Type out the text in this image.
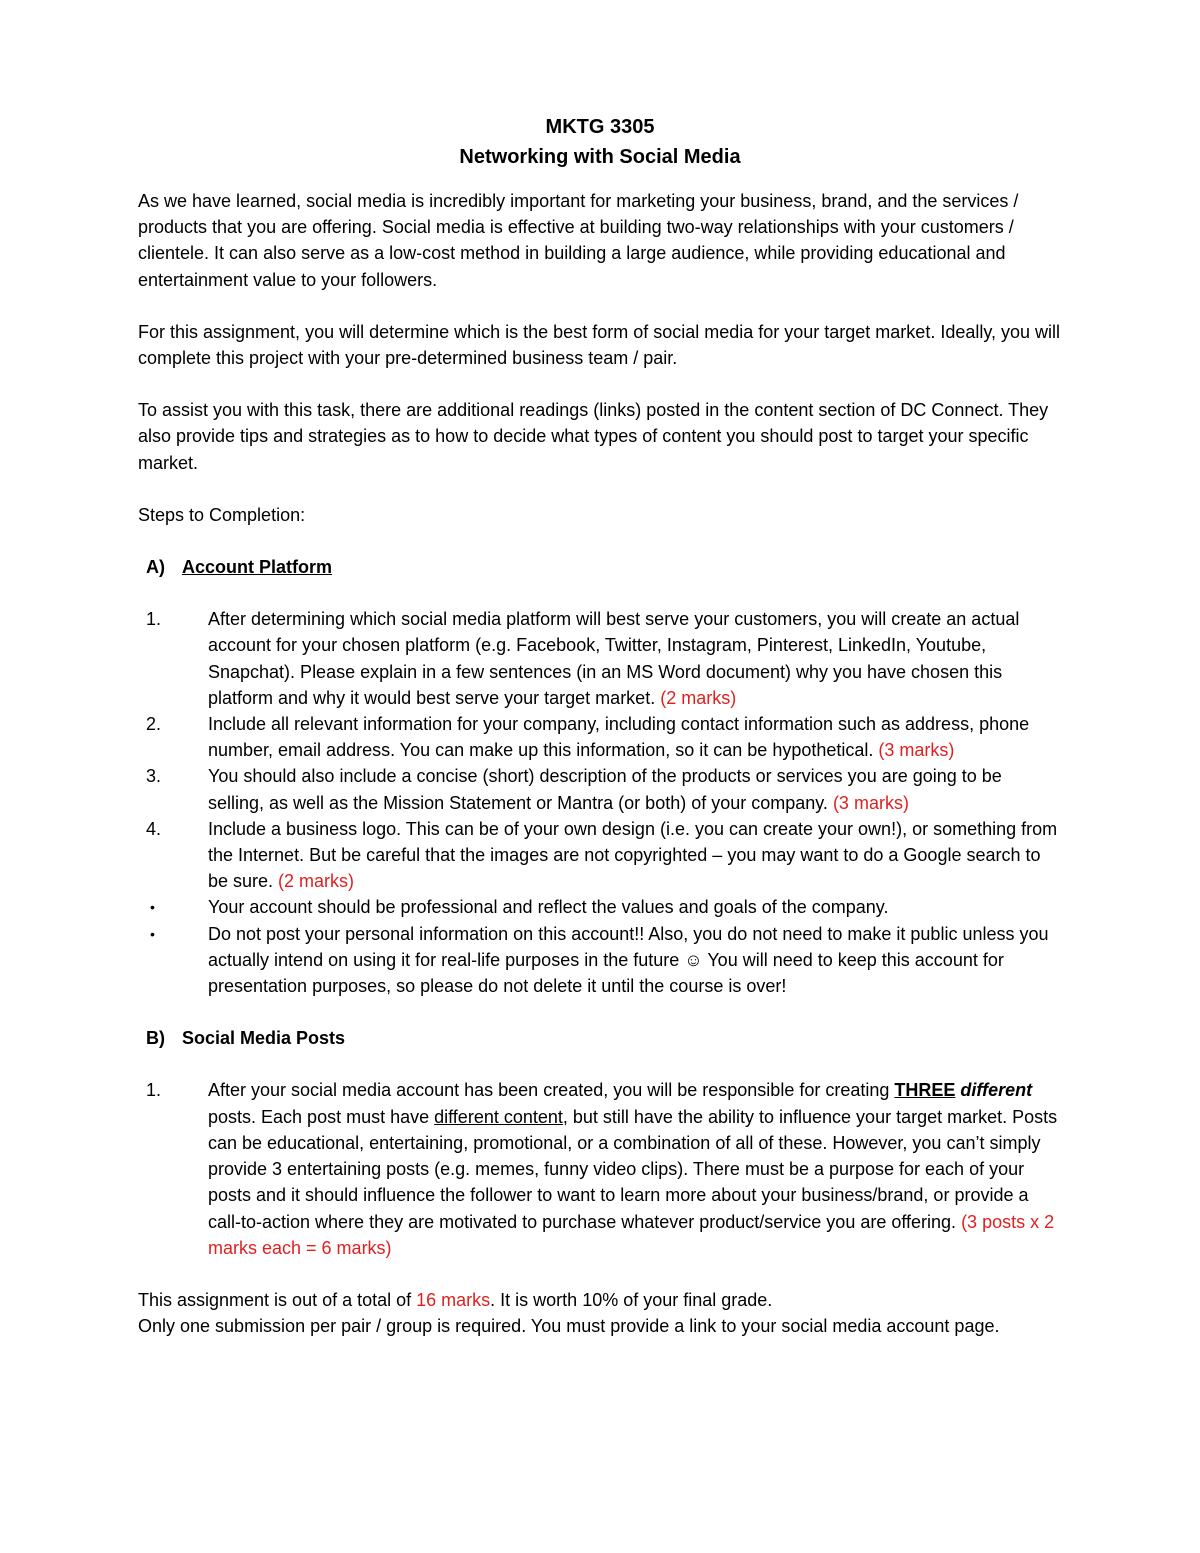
MKTG 3305
Networking with Social Media

As we have learned, social media is incredibly important for marketing your business, brand, and the services / products that you are offering. Social media is effective at building two-way relationships with your customers / clientele. It can also serve as a low-cost method in building a large audience, while providing educational and entertainment value to your followers.

For this assignment, you will determine which is the best form of social media for your target market. Ideally, you will complete this project with your pre-determined business team / pair.

To assist you with this task, there are additional readings (links) posted in the content section of DC Connect. They also provide tips and strategies as to how to decide what types of content you should post to target your specific market.

Steps to Completion:

A) Account Platform
1.	After determining which social media platform will best serve your customers, you will create an actual account for your chosen platform (e.g. Facebook, Twitter, Instagram, Pinterest, LinkedIn, Youtube, Snapchat). Please explain in a few sentences (in an MS Word document) why you have chosen this platform and why it would best serve your target market. (2 marks)
2.	Include all relevant information for your company, including contact information such as address, phone number, email address. You can make up this information, so it can be hypothetical. (3 marks)
3.	You should also include a concise (short) description of the products or services you are going to be selling, as well as the Mission Statement or Mantra (or both) of your company. (3 marks)
4.	Include a business logo. This can be of your own design (i.e. you can create your own!), or something from the Internet. But be careful that the images are not copyrighted – you may want to do a Google search to be sure. (2 marks)
•	Your account should be professional and reflect the values and goals of the company.
•	Do not post your personal information on this account!! Also, you do not need to make it public unless you actually intend on using it for real-life purposes in the future ☺ You will need to keep this account for presentation purposes, so please do not delete it until the course is over!
B) Social Media Posts
1.	After your social media account has been created, you will be responsible for creating THREE different posts. Each post must have different content, but still have the ability to influence your target market. Posts can be educational, entertaining, promotional, or a combination of all of these. However, you can’t simply provide 3 entertaining posts (e.g. memes, funny video clips). There must be a purpose for each of your posts and it should influence the follower to want to learn more about your business/brand, or provide a call-to-action where they are motivated to purchase whatever product/service you are offering. (3 posts x 2 marks each = 6 marks)

This assignment is out of a total of 16 marks. It is worth 10% of your final grade.

Only one submission per pair / group is required. You must provide a link to your social media account page.
